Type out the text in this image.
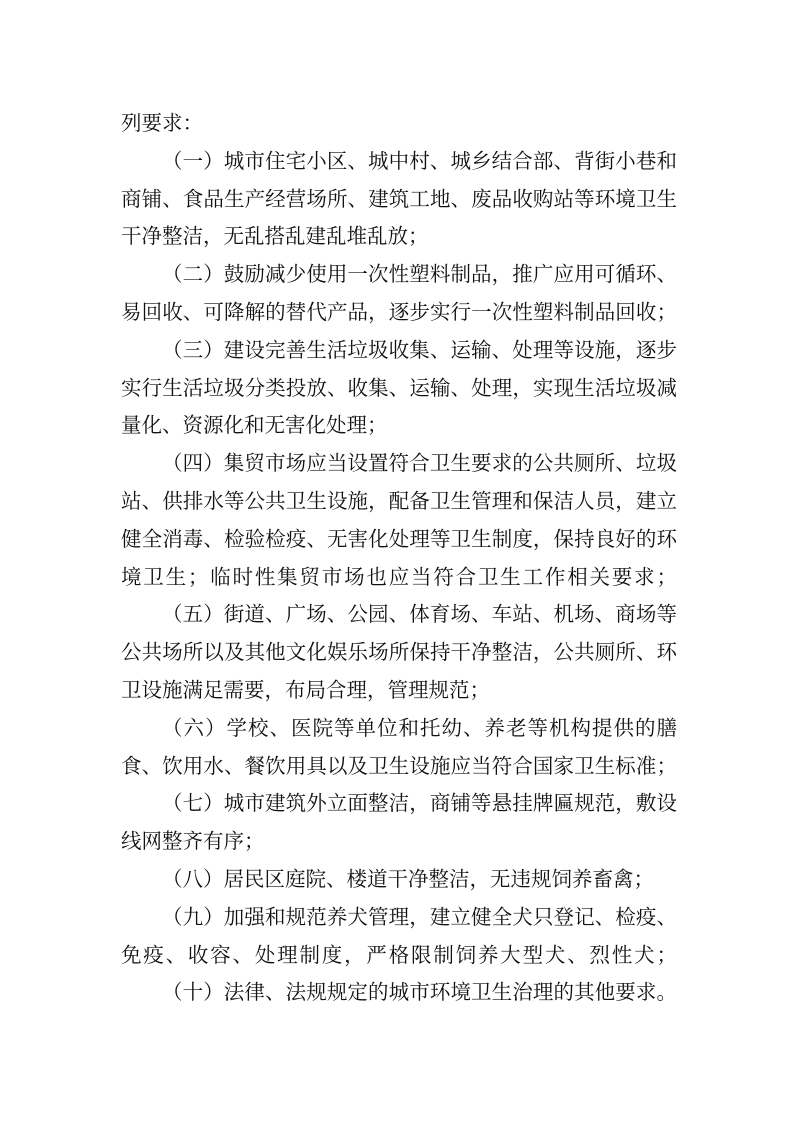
列要求：

（一）城市住宅小区、城中村、城乡结合部、背街小巷和商铺、食品生产经营场所、建筑工地、废品收购站等环境卫生干净整洁，无乱搭乱建乱堆乱放；

（二）鼓励减少使用一次性塑料制品，推广应用可循环、易回收、可降解的替代产品，逐步实行一次性塑料制品回收；

（三）建设完善生活垃圾收集、运输、处理等设施，逐步实行生活垃圾分类投放、收集、运输、处理，实现生活垃圾减量化、资源化和无害化处理；

（四）集贸市场应当设置符合卫生要求的公共厕所、垃圾站、供排水等公共卫生设施，配备卫生管理和保洁人员，建立健全消毒、检验检疫、无害化处理等卫生制度，保持良好的环境卫生；临时性集贸市场也应当符合卫生工作相关要求；

（五）街道、广场、公园、体育场、车站、机场、商场等公共场所以及其他文化娱乐场所保持干净整洁，公共厕所、环卫设施满足需要，布局合理，管理规范；

（六）学校、医院等单位和托幼、养老等机构提供的膳食、饮用水、餐饮用具以及卫生设施应当符合国家卫生标准；

（七）城市建筑外立面整洁，商铺等悬挂牌匾规范，敷设线网整齐有序；

（八）居民区庭院、楼道干净整洁，无违规饲养畜禽；

（九）加强和规范养犬管理，建立健全犬只登记、检疫、免疫、收容、处理制度，严格限制饲养大型犬、烈性犬；

（十）法律、法规规定的城市环境卫生治理的其他要求。
